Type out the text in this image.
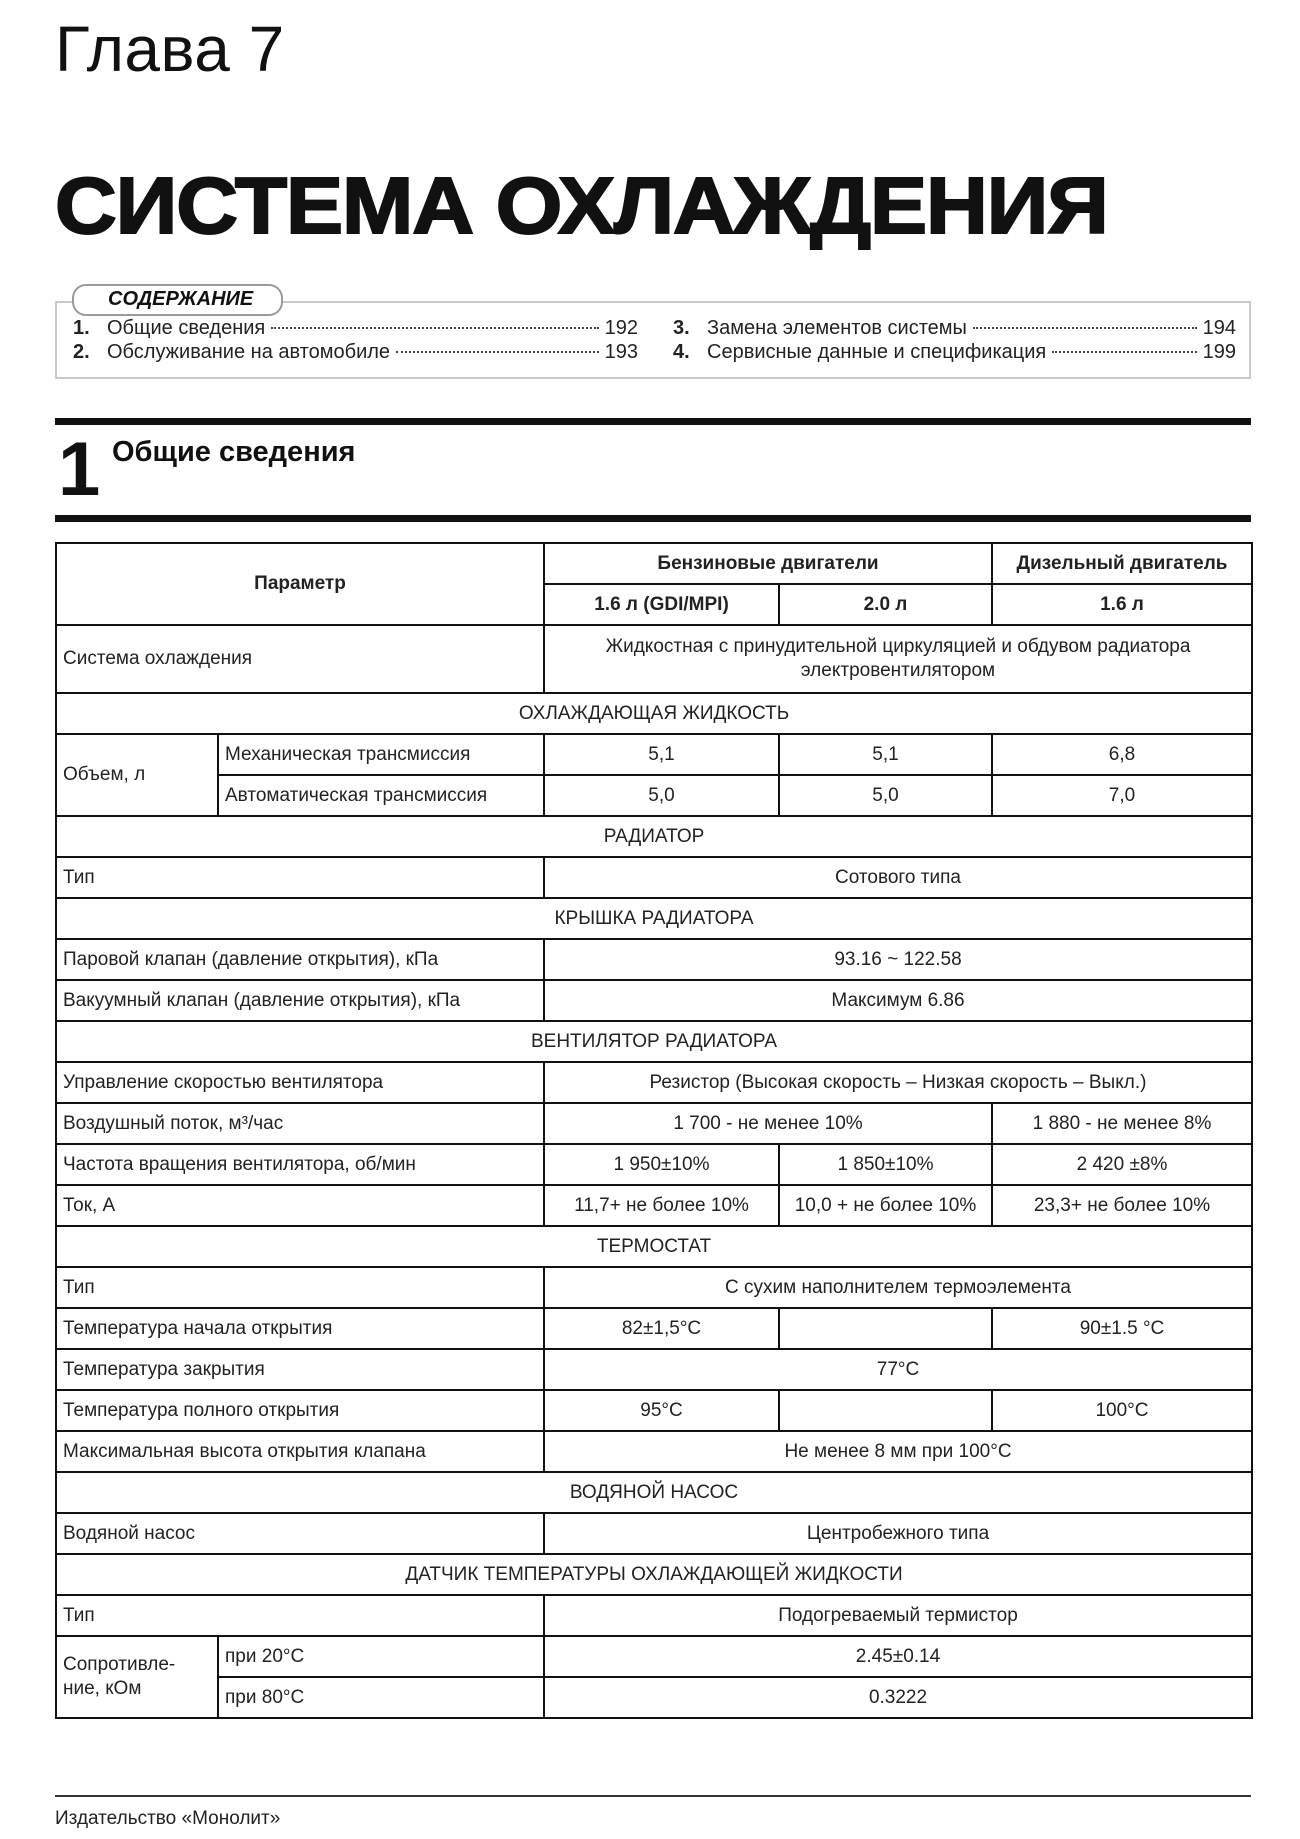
Глава 7
СИСТЕМА ОХЛАЖДЕНИЯ
СОДЕРЖАНИЕ
1. Общие сведения	192
2. Обслуживание на автомобиле	193
3. Замена элементов системы	194
4. Сервисные данные и спецификация	199
1 Общие сведения
Параметр		Бензиновые двигатели		Дизельный двигатель
		1.6 л (GDI/MPI)	2.0 л	1.6 л
Система охлаждения		Жидкостная с принудительной циркуляцией и обдувом радиатора электровентилятором		
ОХЛАЖДАЮЩАЯ ЖИДКОСТЬ				
Объем, л	Механическая трансмиссия	5,1	5,1	6,8
	Автоматическая трансмиссия	5,0	5,0	7,0
РАДИАТОР				
Тип		Сотового типа		
КРЫШКА РАДИАТОРА				
Паровой клапан (давление открытия), кПа		93.16 ~ 122.58		
Вакуумный клапан (давление открытия), кПа		Максимум 6.86		
ВЕНТИЛЯТОР РАДИАТОРА				
Управление скоростью вентилятора		Резистор (Высокая скорость – Низкая скорость – Выкл.)		
Воздушный поток, м³/час		1 700 - не менее 10%		1 880 - не менее 8%
Частота вращения вентилятора, об/мин		1 950±10%	1 850±10%	2 420 ±8%
Ток, А		11,7+ не более 10%	10,0 + не более 10%	23,3+ не более 10%
ТЕРМОСТАТ				
Тип		С сухим наполнителем термоэлемента		
Температура начала открытия		82±1,5°С		90±1.5 °С
Температура закрытия		77°С		
Температура полного открытия		95°С		100°С
Максимальная высота открытия клапана		Не менее 8 мм при 100°С		
ВОДЯНОЙ НАСОС				
Водяной насос		Центробежного типа		
ДАТЧИК ТЕМПЕРАТУРЫ ОХЛАЖДАЮЩЕЙ ЖИДКОСТИ				
Тип		Подогреваемый термистор		
Сопротивле-ние, кОм	при 20°С	2.45±0.14		
	при 80°С	0.3222		
Издательство «Монолит»
